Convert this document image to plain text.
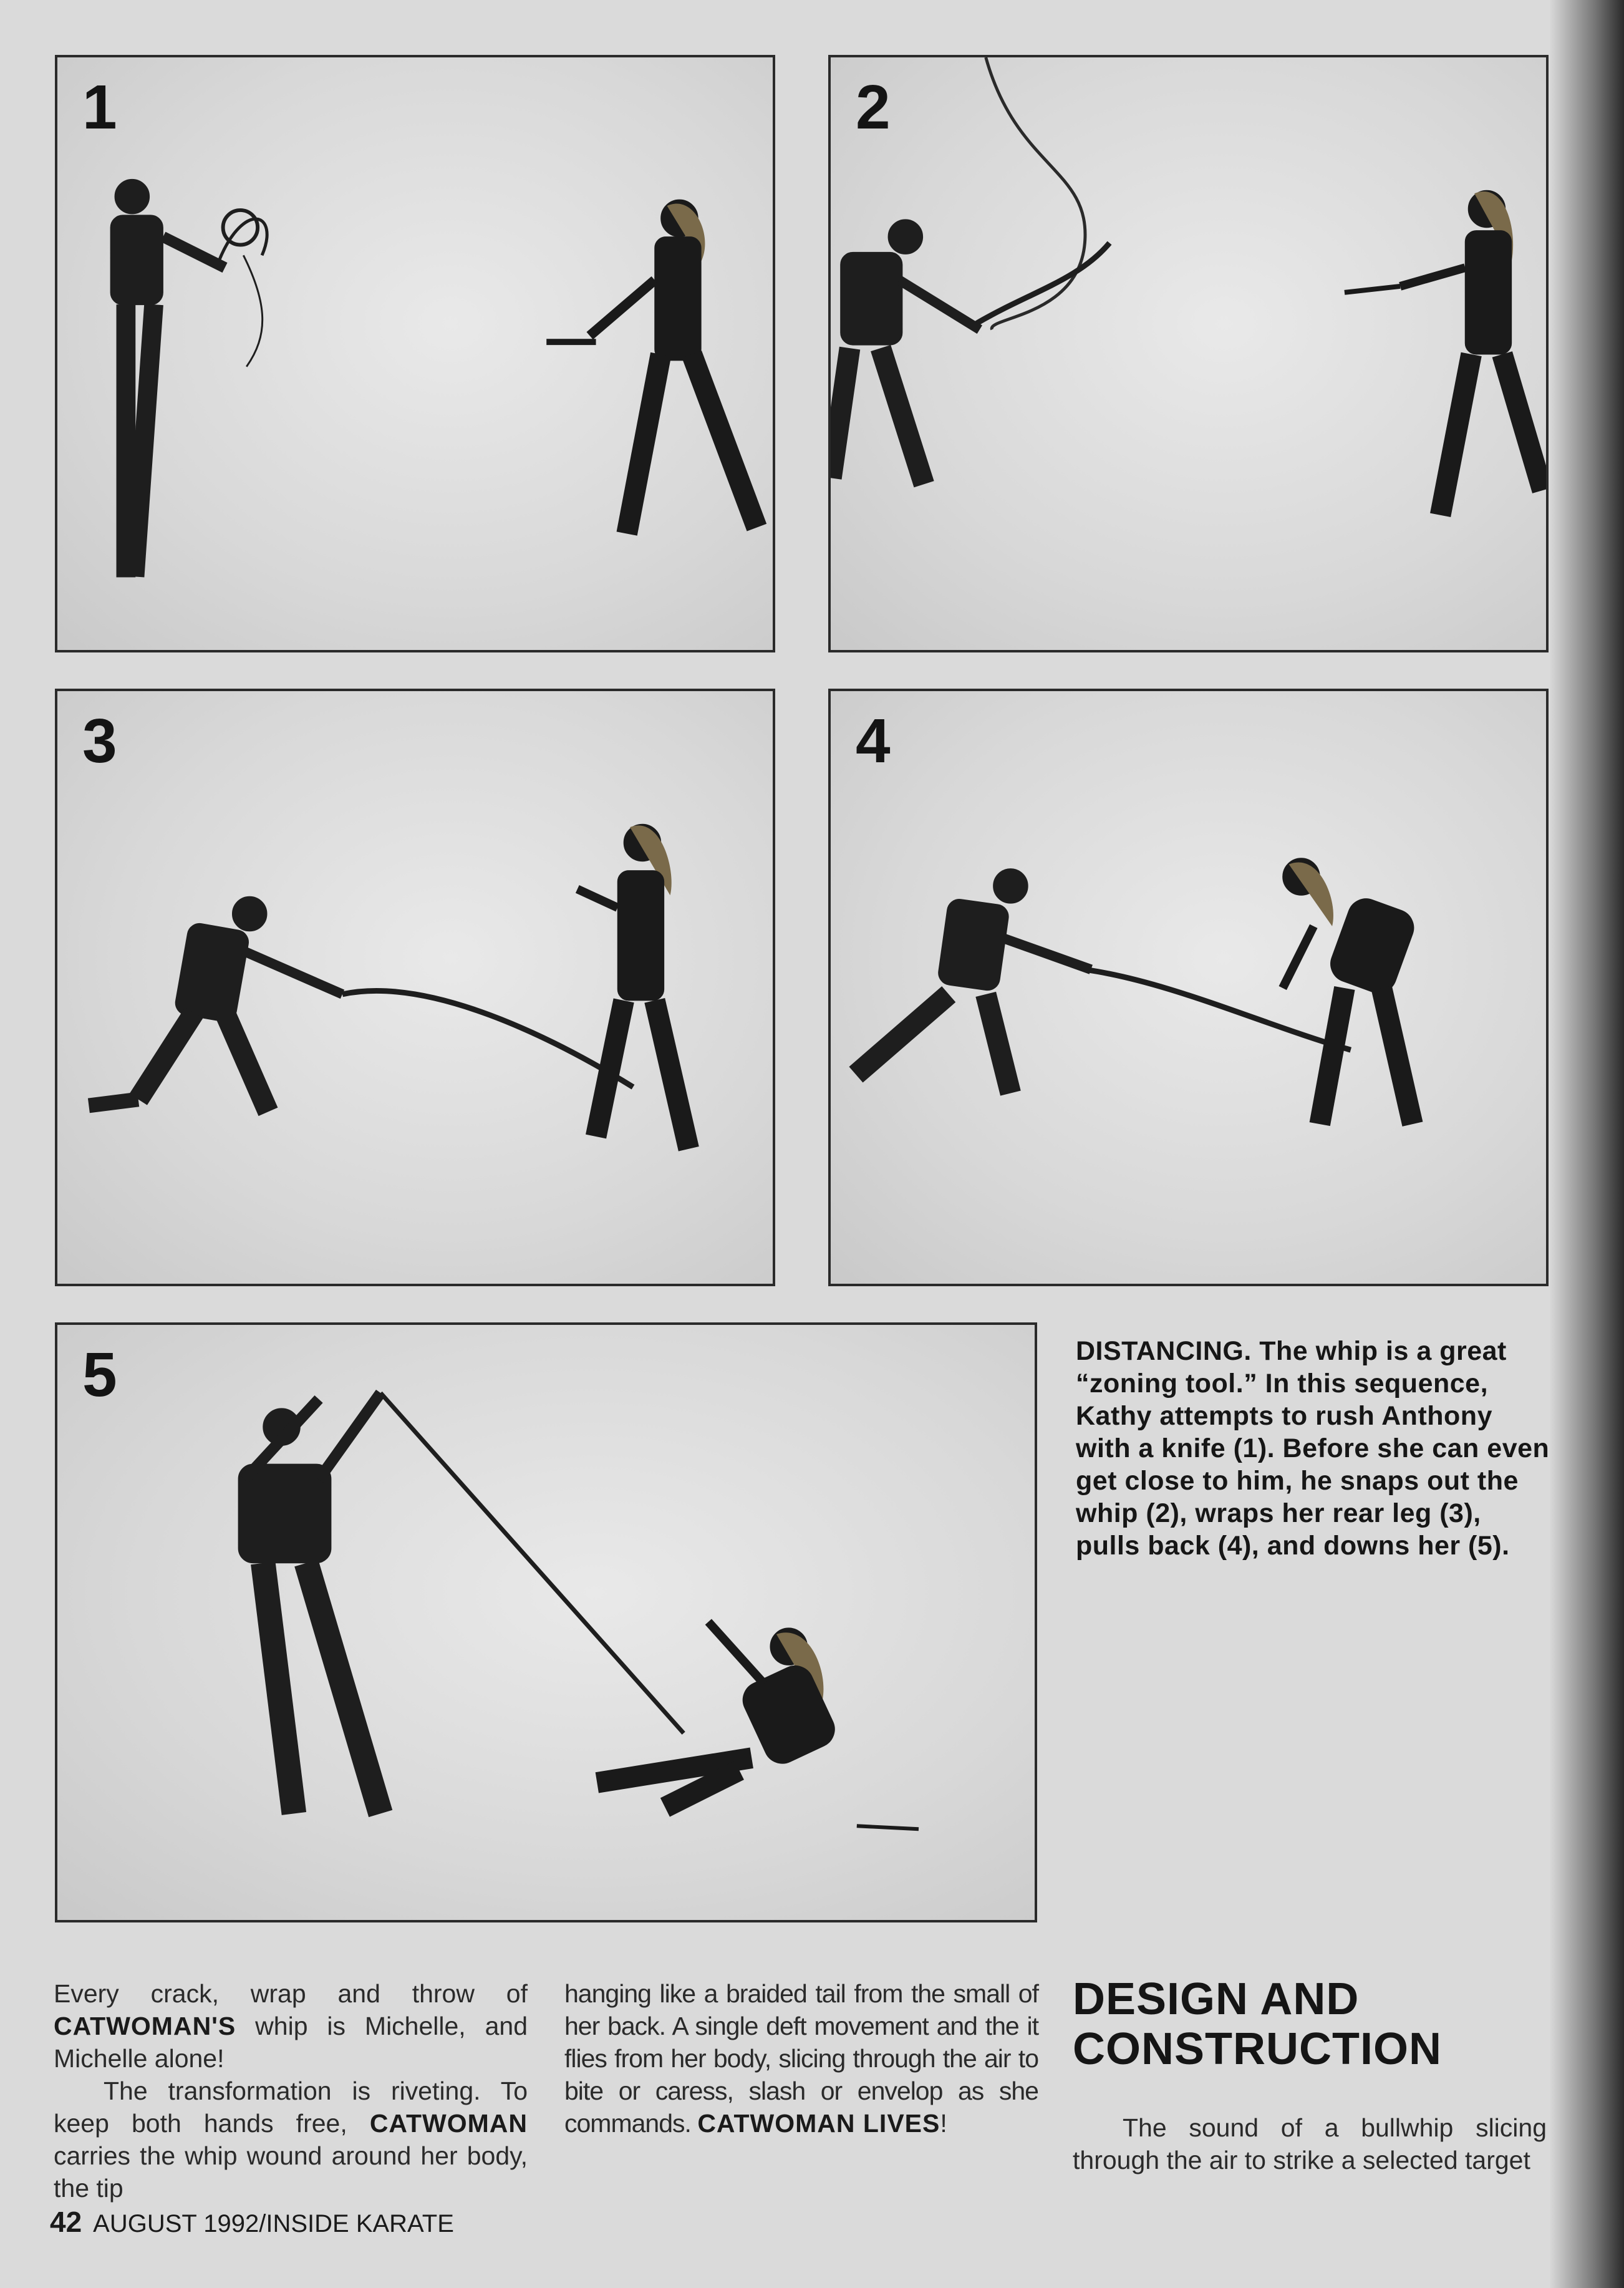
1	2
3	4
5	DISTANCING. The whip is a great “zoning tool.” In this sequence, Kathy attempts to rush Anthony with a knife (1). Before she can even get close to him, he snaps out the whip (2), wraps her rear leg (3), pulls back (4), and downs her (5).

Every crack, wrap and throw of CATWOMAN'S whip is Michelle, and Michelle alone!

The transformation is riveting. To keep both hands free, CATWOMAN carries the whip wound around her body, the tip

hanging like a braided tail from the small of her back. A single deft movement and the it flies from her body, slicing through the air to bite or caress, slash or envelop as she commands. CATWOMAN LIVES!

DESIGN AND CONSTRUCTION

The sound of a bullwhip slicing through the air to strike a selected target

42 AUGUST 1992/INSIDE KARATE
